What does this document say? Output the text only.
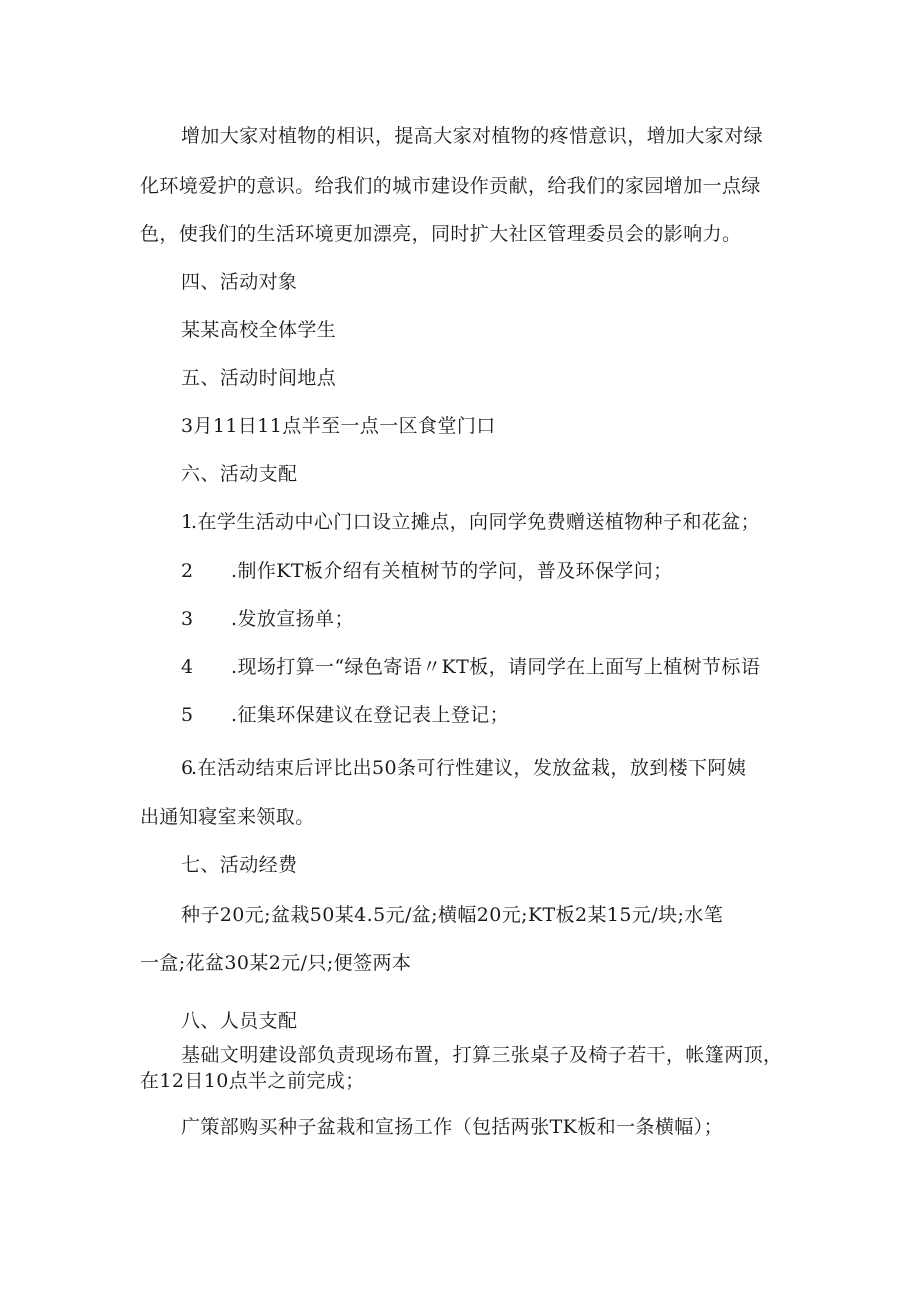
增加大家对植物的相识，提高大家对植物的疼惜意识，增加大家对绿
化环境爱护的意识。给我们的城市建设作贡献，给我们的家园增加一点绿
色，使我们的生活环境更加漂亮，同时扩大社区管理委员会的影响力。
四、活动对象
某某高校全体学生
五、活动时间地点
3月11日11点半至一点一区食堂门口
六、活动支配
1.在学生活动中心门口设立摊点，向同学免费赠送植物种子和花盆；
2 .制作KT板介绍有关植树节的学问，普及环保学问；
3 .发放宣扬单；
4 .现场打算一“绿色寄语〃KT板，请同学在上面写上植树节标语
5 .征集环保建议在登记表上登记；
6.在活动结束后评比出50条可行性建议，发放盆栽，放到楼下阿姨
出通知寝室来领取。
七、活动经费
种子20元;盆栽50某4.5元/盆;横幅20元;KT板2某15元/块;水笔
一盒;花盆30某2元/只;便签两本
八、人员支配
基础文明建设部负责现场布置，打算三张桌子及椅子若干，帐篷两顶，
在12日10点半之前完成；
广策部购买种子盆栽和宣扬工作（包括两张TK板和一条横幅）；
